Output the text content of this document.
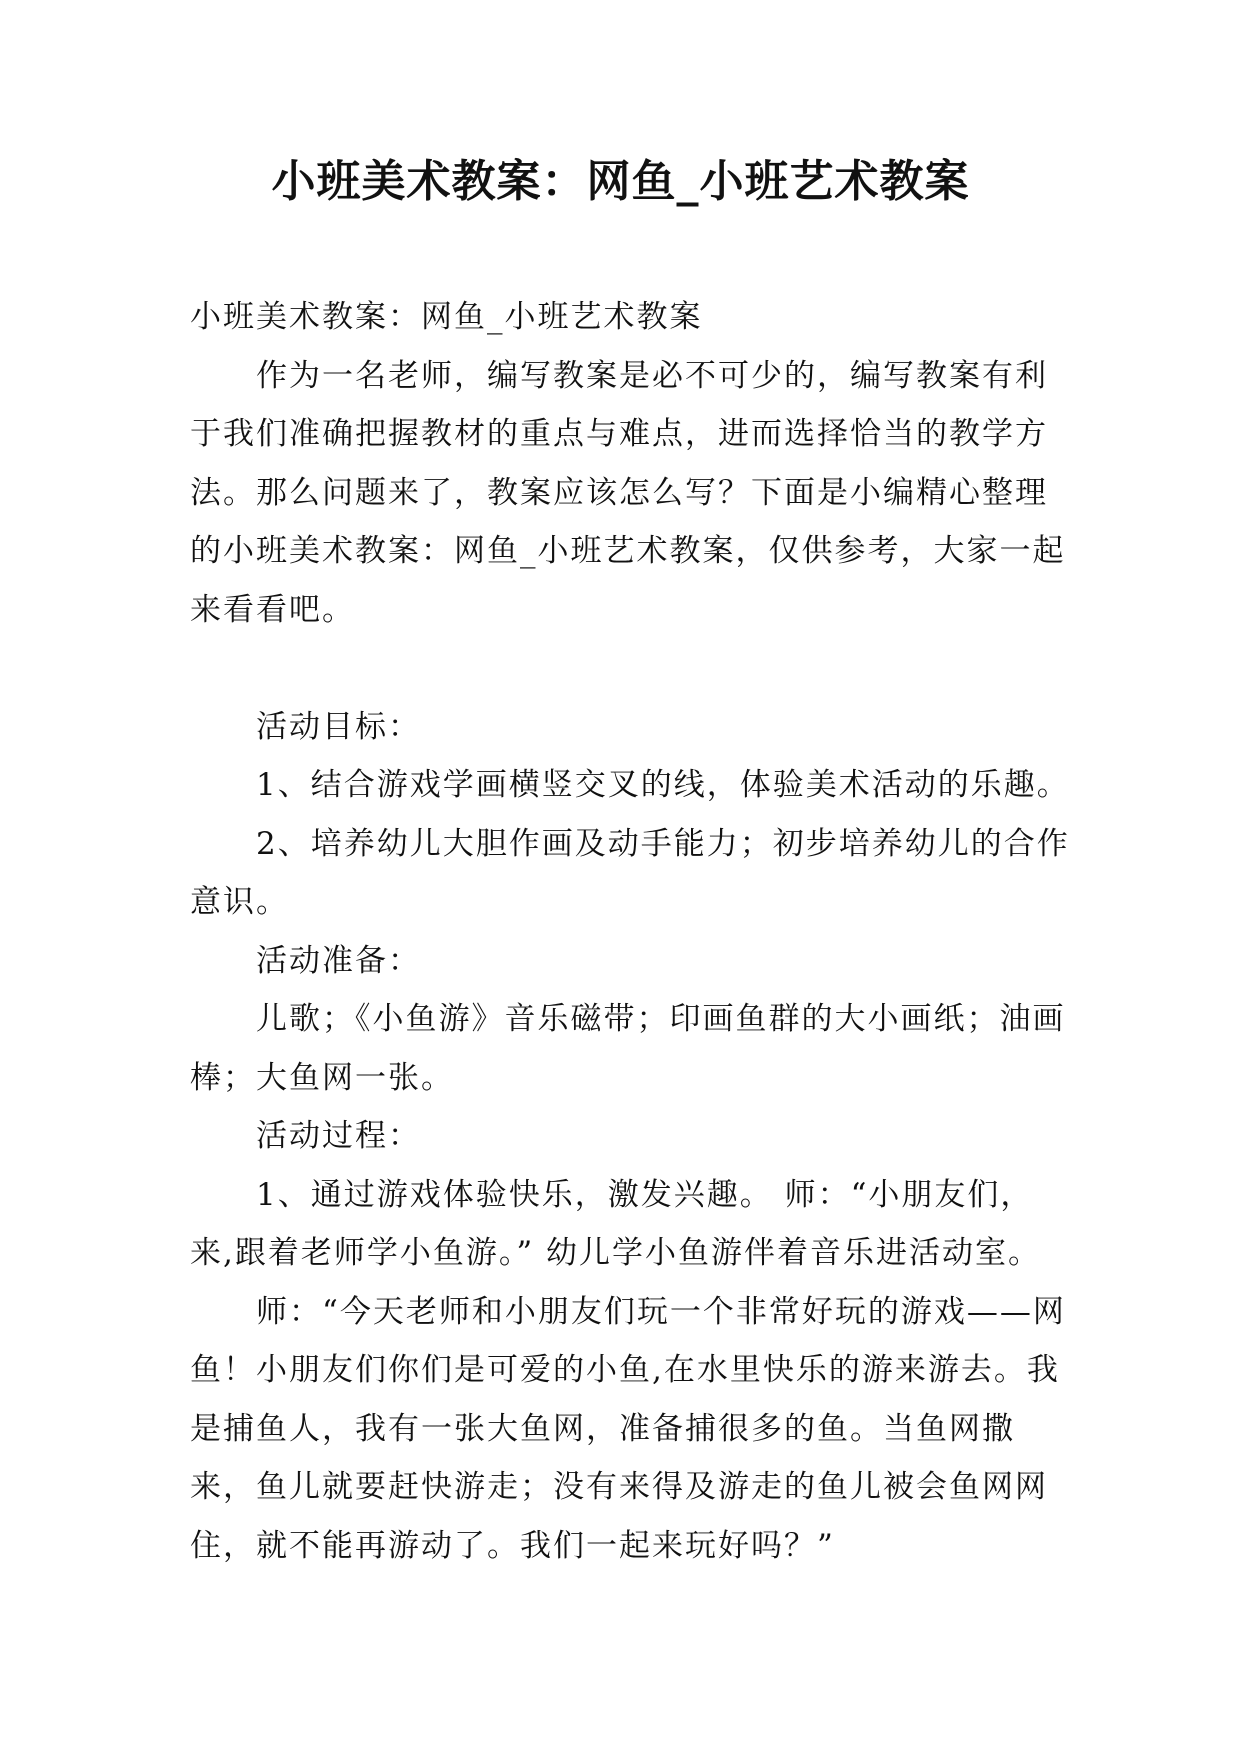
小班美术教案：网鱼_小班艺术教案

小班美术教案：网鱼_小班艺术教案

作为一名老师，编写教案是必不可少的，编写教案有利于我们准确把握教材的重点与难点，进而选择恰当的教学方法。那么问题来了，教案应该怎么写？下面是小编精心整理的小班美术教案：网鱼_小班艺术教案，仅供参考，大家一起来看看吧。

活动目标：

1、结合游戏学画横竖交叉的线，体验美术活动的乐趣。

2、培养幼儿大胆作画及动手能力；初步培养幼儿的合作意识。

活动准备：

儿歌；《小鱼游》音乐磁带；印画鱼群的大小画纸；油画棒；大鱼网一张。

活动过程：

1、通过游戏体验快乐，激发兴趣。 师：“小朋友们，来,跟着老师学小鱼游。” 幼儿学小鱼游伴着音乐进活动室。

师：“今天老师和小朋友们玩一个非常好玩的游戏——网鱼！小朋友们你们是可爱的小鱼,在水里快乐的游来游去。我是捕鱼人，我有一张大鱼网，准备捕很多的鱼。当鱼网撒来，鱼儿就要赶快游走；没有来得及游走的鱼儿被会鱼网网住，就不能再游动了。我们一起来玩好吗？”
